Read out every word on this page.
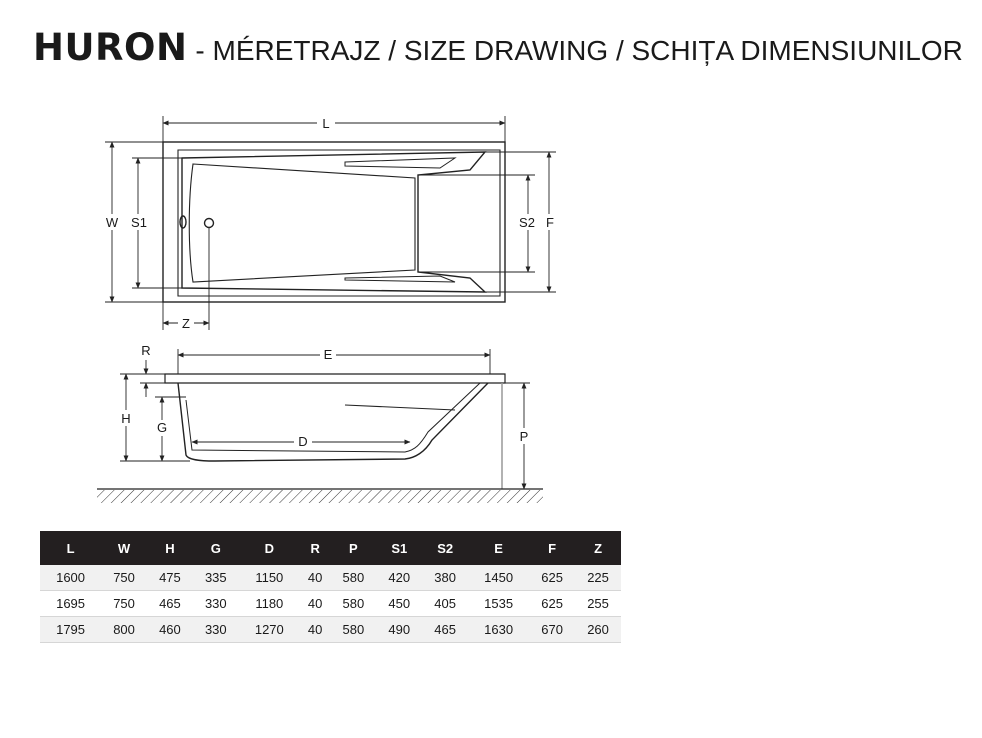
HURON - MÉRETRAJZ / SIZE DRAWING / SCHIȚA DIMENSIUNILOR
L
W S1	S2 F
Z
E
R
H
G
D	P
L	W	H	G	D	R	P	S1	S2	E	F	Z
1600	750	475	335	1150	40	580	420	380	1450	625	225
1695	750	465	330	1180	40	580	450	405	1535	625	255
1795	800	460	330	1270	40	580	490	465	1630	670	260
